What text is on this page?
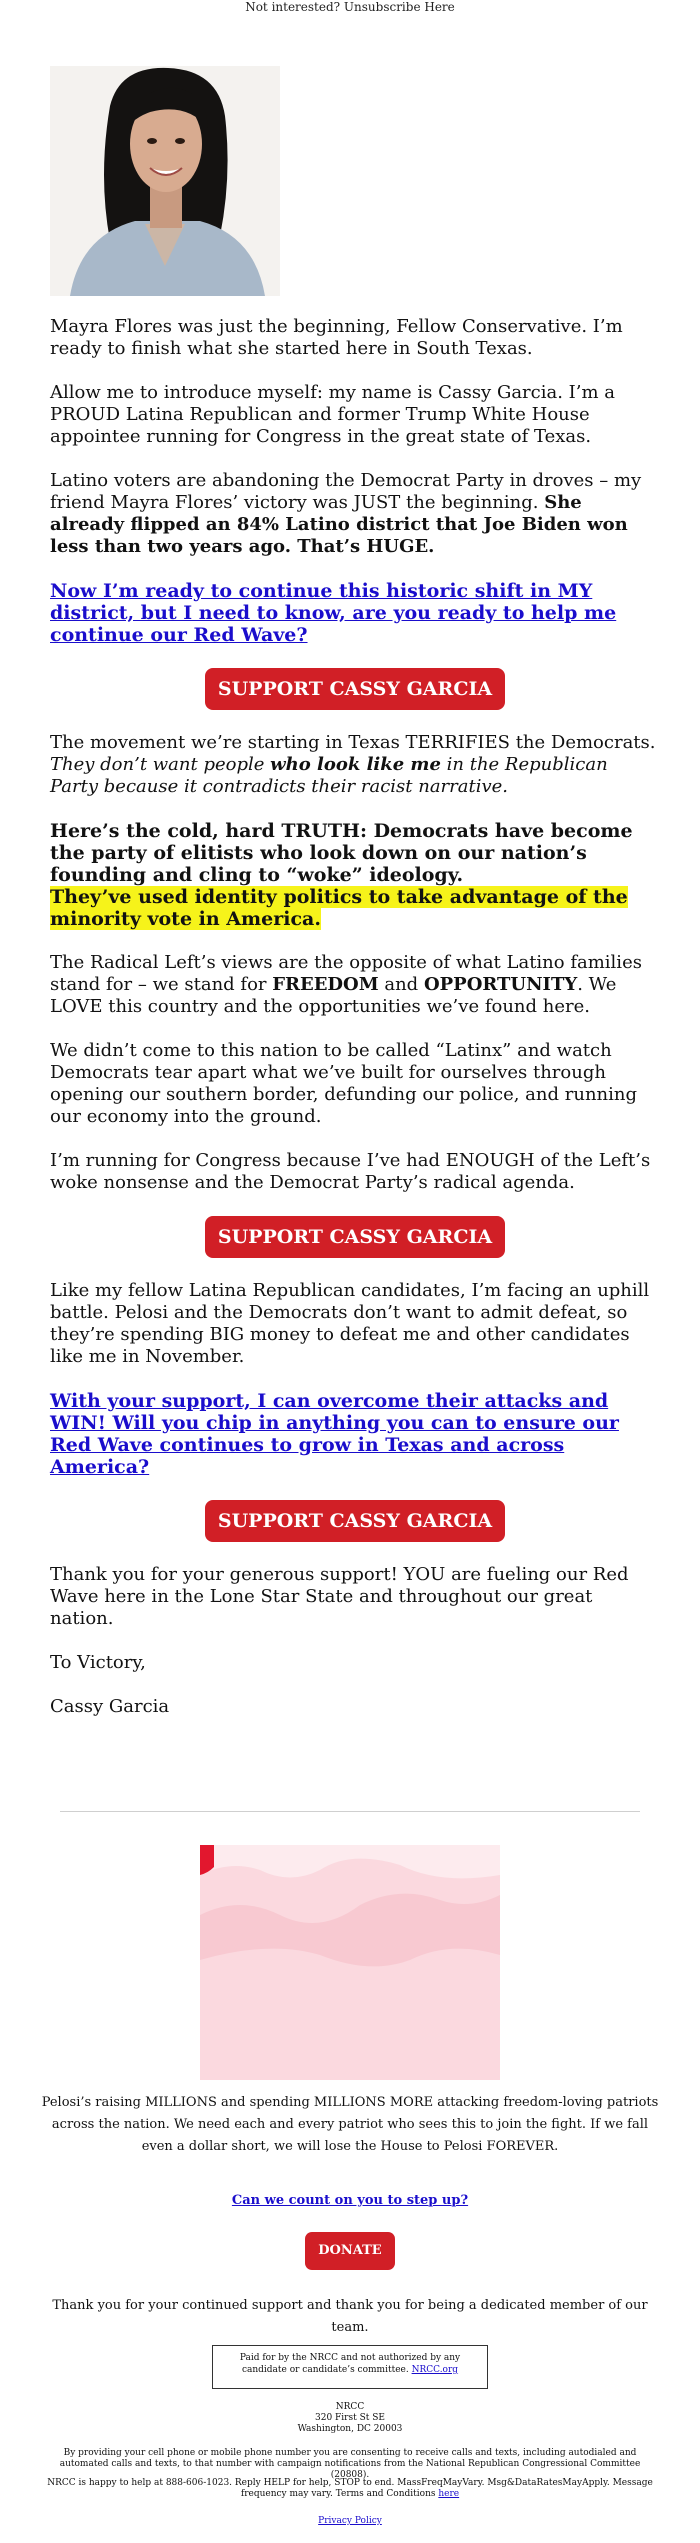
Not interested? Unsubscribe Here

Mayra Flores was just the beginning, Fellow Conservative. I’m ready to finish what she started here in South Texas.

Allow me to introduce myself: my name is Cassy Garcia. I’m a PROUD Latina Republican and former Trump White House appointee running for Congress in the great state of Texas.

Latino voters are abandoning the Democrat Party in droves – my friend Mayra Flores’ victory was JUST the beginning. She already flipped an 84% Latino district that Joe Biden won less than two years ago. That’s HUGE.

Now I’m ready to continue this historic shift in MY district, but I need to know, are you ready to help me continue our Red Wave?

SUPPORT CASSY GARCIA

The movement we’re starting in Texas TERRIFIES the Democrats. They don’t want people who look like me in the Republican Party because it contradicts their racist narrative.

Here’s the cold, hard TRUTH: Democrats have become the party of elitists who look down on our nation’s founding and cling to “woke” ideology.
They’ve used identity politics to take advantage of the minority vote in America.

The Radical Left’s views are the opposite of what Latino families stand for – we stand for FREEDOM and OPPORTUNITY. We LOVE this country and the opportunities we’ve found here.

We didn’t come to this nation to be called “Latinx” and watch Democrats tear apart what we’ve built for ourselves through opening our southern border, defunding our police, and running our economy into the ground.

I’m running for Congress because I’ve had ENOUGH of the Left’s woke nonsense and the Democrat Party’s radical agenda.

SUPPORT CASSY GARCIA

Like my fellow Latina Republican candidates, I’m facing an uphill battle. Pelosi and the Democrats don’t want to admit defeat, so they’re spending BIG money to defeat me and other candidates like me in November.

With your support, I can overcome their attacks and WIN! Will you chip in anything you can to ensure our Red Wave continues to grow in Texas and across America?

SUPPORT CASSY GARCIA

Thank you for your generous support! YOU are fueling our Red Wave here in the Lone Star State and throughout our great nation.

To Victory,

Cassy Garcia

Pelosi’s raising MILLIONS and spending MILLIONS MORE attacking freedom-loving patriots across the nation. We need each and every patriot who sees this to join the fight. If we fall even a dollar short, we will lose the House to Pelosi FOREVER.
Can we count on you to step up?
DONATE
Thank you for your continued support and thank you for being a dedicated member of our team.
Paid for by the NRCC and not authorized by any candidate or candidate’s committee. NRCC.org
NRCC
320 First St SE
Washington, DC 20003
By providing your cell phone or mobile phone number you are consenting to receive calls and texts, including autodialed and automated calls and texts, to that number with campaign notifications from the National Republican Congressional Committee (20808).
NRCC is happy to help at 888-606-1023. Reply HELP for help, STOP to end. MassFreqMayVary. Msg&DataRatesMayApply. Message frequency may vary. Terms and Conditions here
Privacy Policy
